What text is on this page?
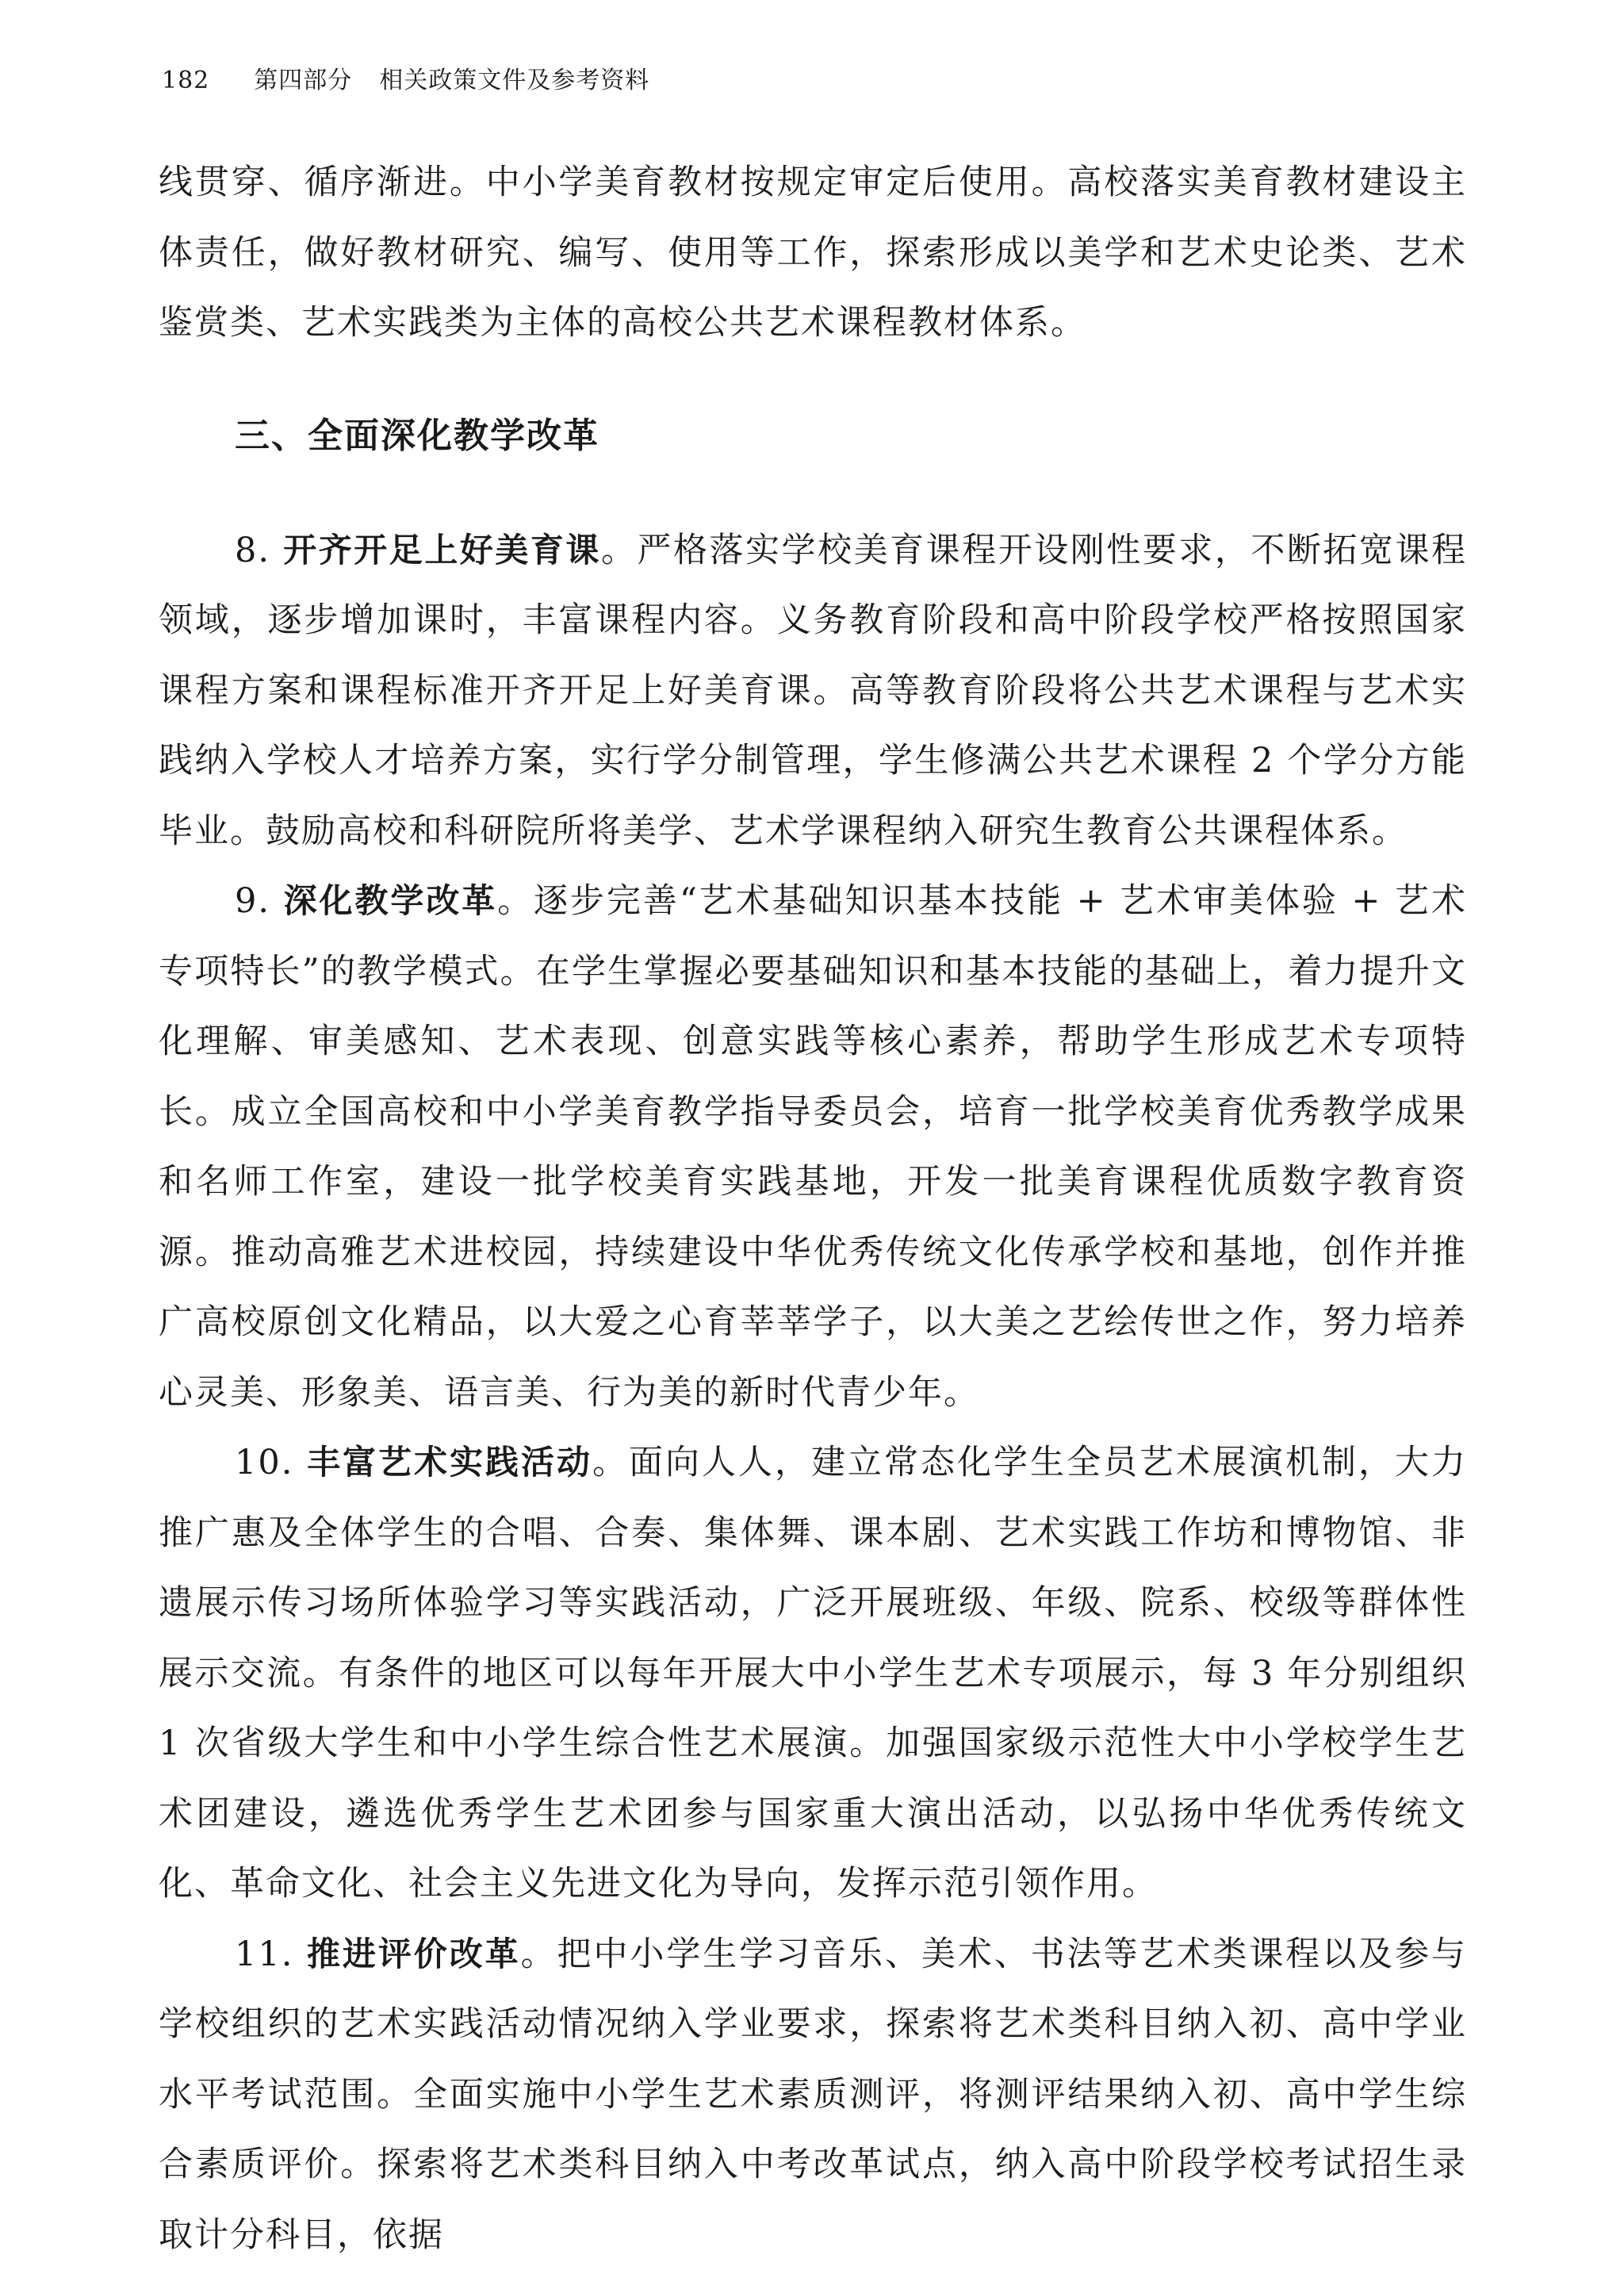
182 第四部分 相关政策文件及参考资料

线贯穿、循序渐进。中小学美育教材按规定审定后使用。高校落实美育教材建设主体责任，做好教材研究、编写、使用等工作，探索形成以美学和艺术史论类、艺术鉴赏类、艺术实践类为主体的高校公共艺术课程教材体系。

三、全面深化教学改革

8. 开齐开足上好美育课。严格落实学校美育课程开设刚性要求，不断拓宽课程领域，逐步增加课时，丰富课程内容。义务教育阶段和高中阶段学校严格按照国家课程方案和课程标准开齐开足上好美育课。高等教育阶段将公共艺术课程与艺术实践纳入学校人才培养方案，实行学分制管理，学生修满公共艺术课程 2 个学分方能毕业。鼓励高校和科研院所将美学、艺术学课程纳入研究生教育公共课程体系。

9. 深化教学改革。逐步完善“艺术基础知识基本技能 + 艺术审美体验 + 艺术专项特长”的教学模式。在学生掌握必要基础知识和基本技能的基础上，着力提升文化理解、审美感知、艺术表现、创意实践等核心素养，帮助学生形成艺术专项特长。成立全国高校和中小学美育教学指导委员会，培育一批学校美育优秀教学成果和名师工作室，建设一批学校美育实践基地，开发一批美育课程优质数字教育资源。推动高雅艺术进校园，持续建设中华优秀传统文化传承学校和基地，创作并推广高校原创文化精品，以大爱之心育莘莘学子，以大美之艺绘传世之作，努力培养心灵美、形象美、语言美、行为美的新时代青少年。

10. 丰富艺术实践活动。面向人人，建立常态化学生全员艺术展演机制，大力推广惠及全体学生的合唱、合奏、集体舞、课本剧、艺术实践工作坊和博物馆、非遗展示传习场所体验学习等实践活动，广泛开展班级、年级、院系、校级等群体性展示交流。有条件的地区可以每年开展大中小学生艺术专项展示，每 3 年分别组织 1 次省级大学生和中小学生综合性艺术展演。加强国家级示范性大中小学校学生艺术团建设，遴选优秀学生艺术团参与国家重大演出活动，以弘扬中华优秀传统文化、革命文化、社会主义先进文化为导向，发挥示范引领作用。

11. 推进评价改革。把中小学生学习音乐、美术、书法等艺术类课程以及参与学校组织的艺术实践活动情况纳入学业要求，探索将艺术类科目纳入初、高中学业水平考试范围。全面实施中小学生艺术素质测评，将测评结果纳入初、高中学生综合素质评价。探索将艺术类科目纳入中考改革试点，纳入高中阶段学校考试招生录取计分科目，依据
